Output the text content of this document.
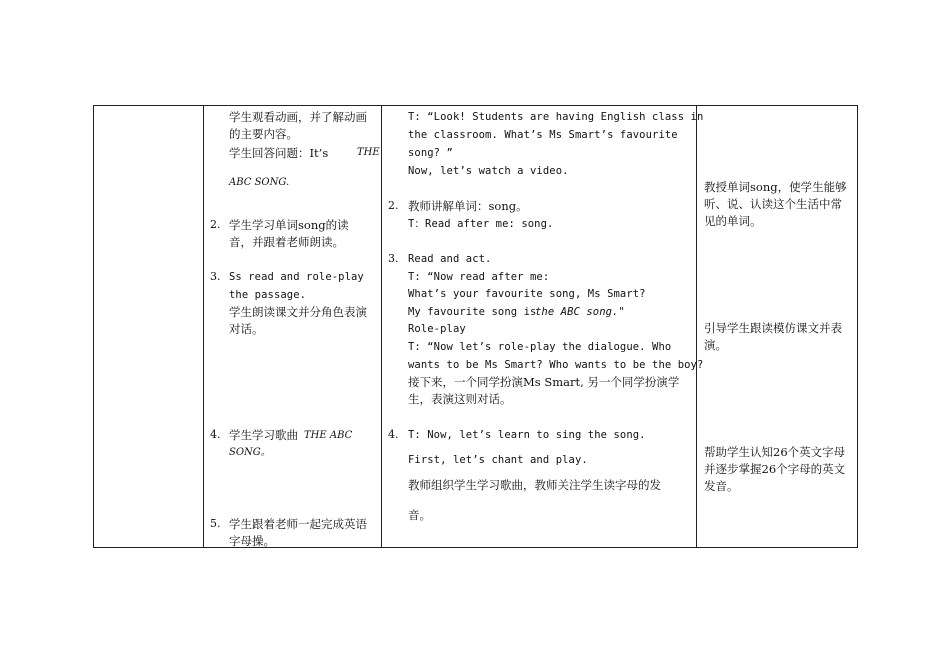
学生观看动画，并了解动画
的主要内容。
学生回答问题：It’s	THE
ABC SONG.
2. 学生学习单词song的读
音，并跟着老师朗读。
3. Ss read and role-play
the passage.
学生朗读课文并分角色表演
对话。
4. 学生学习歌曲 THE ABC
SONG。
5. 学生跟着老师一起完成英语
字母操。
T: “Look! Students are having English class in
the classroom. What’s Ms Smart’s favourite
song? ”
Now, let’s watch a video.
2. 教师讲解单词：song。
T：Read after me: song.
3. Read and act.
T: “Now read after me:
What’s your favourite song, Ms Smart?
My favourite song is
the ABC song."
Role-play
T: “Now let’s role-play the dialogue. Who
wants to be Ms Smart? Who wants to be the boy?
接下来，一个同学扮演Ms Smart, 另一个同学扮演学
生，表演这则对话。
4. T: Now, let’s learn to sing the song.
First, let’s chant and play.
教师组织学生学习歌曲，教师关注学生读字母的发
音。
教授单词song，使学生能够
听、说、认读这个生活中常
见的单词。
引导学生跟读模仿课文并表
演。
帮助学生认知26个英文字母
并逐步掌握26个字母的英文
发音。
